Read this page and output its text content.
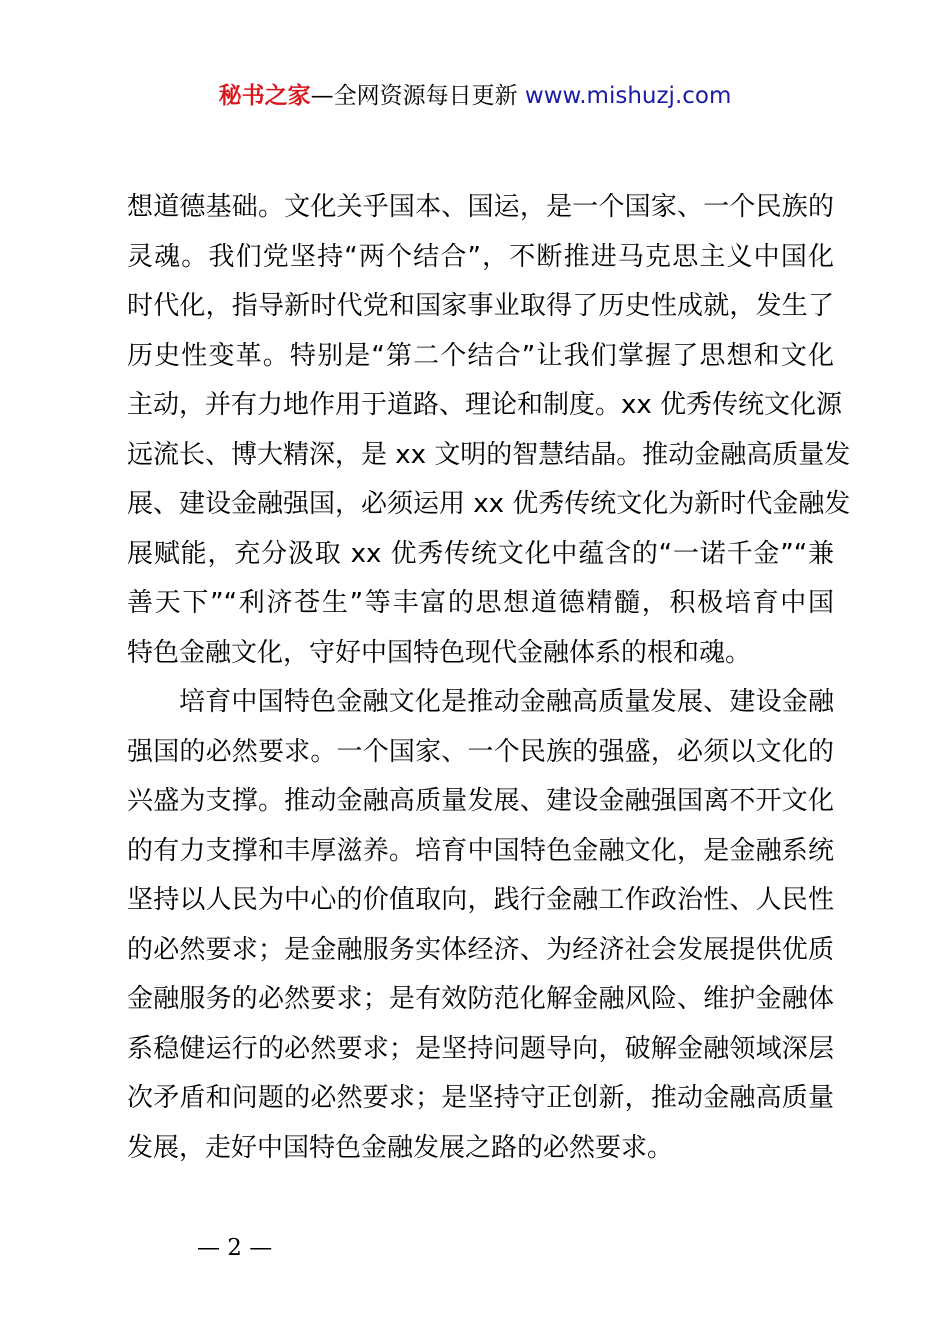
秘书之家—全网资源每日更新 www.mishuzj.com
想道德基础。文化关乎国本、国运，是一个国家、一个民族的
灵魂。我们党坚持“两个结合”，不断推进马克思主义中国化
时代化，指导新时代党和国家事业取得了历史性成就，发生了
历史性变革。特别是“第二个结合”让我们掌握了思想和文化
主动，并有力地作用于道路、理论和制度。xx 优秀传统文化源
远流长、博大精深，是 xx 文明的智慧结晶。推动金融高质量发
展、建设金融强国，必须运用 xx 优秀传统文化为新时代金融发
展赋能，充分汲取 xx 优秀传统文化中蕴含的“一诺千金”“兼
善天下”“利济苍生”等丰富的思想道德精髓，积极培育中国
特色金融文化，守好中国特色现代金融体系的根和魂。
培育中国特色金融文化是推动金融高质量发展、建设金融
强国的必然要求。一个国家、一个民族的强盛，必须以文化的
兴盛为支撑。推动金融高质量发展、建设金融强国离不开文化
的有力支撑和丰厚滋养。培育中国特色金融文化，是金融系统
坚持以人民为中心的价值取向，践行金融工作政治性、人民性
的必然要求；是金融服务实体经济、为经济社会发展提供优质
金融服务的必然要求；是有效防范化解金融风险、维护金融体
系稳健运行的必然要求；是坚持问题导向，破解金融领域深层
次矛盾和问题的必然要求；是坚持守正创新，推动金融高质量
发展，走好中国特色金融发展之路的必然要求。
— 2 —
